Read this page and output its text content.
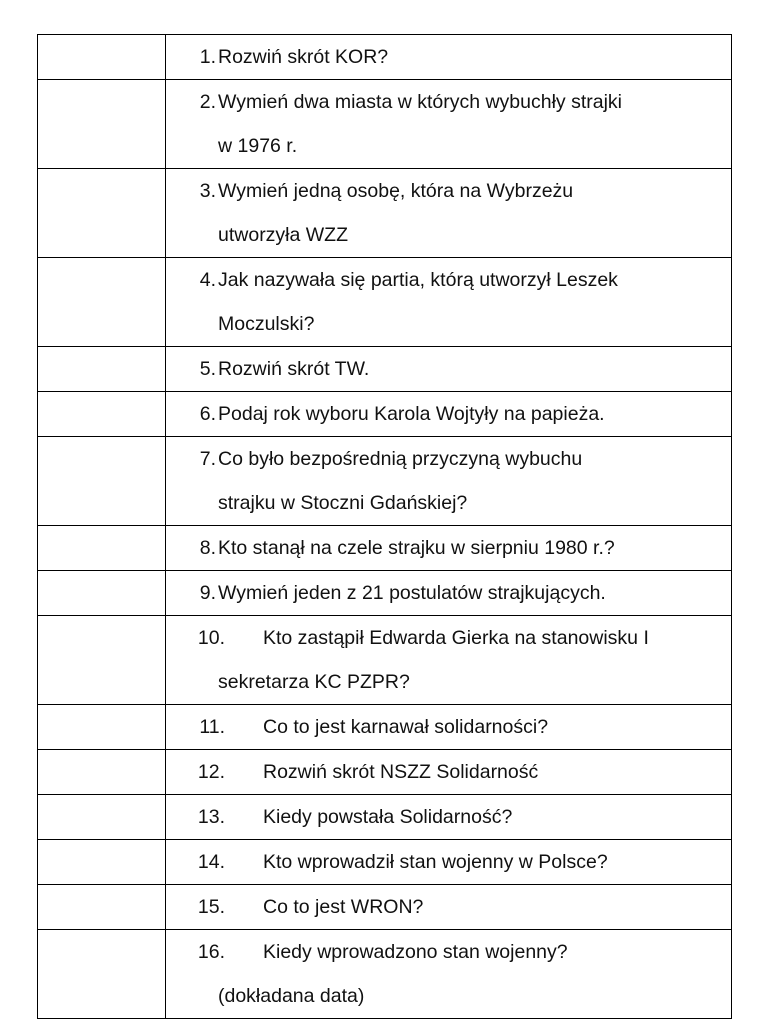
	1. Rozwiń skrót KOR?

	2. Wymień dwa miasta w których wybuchły strajki
w 1976 r.

	3. Wymień jedną osobę, która na Wybrzeżu
utworzyła WZZ

	4. Jak nazywała się partia, którą utworzył Leszek
Moczulski?

	5. Rozwiń skrót TW.

	6. Podaj rok wyboru Karola Wojtyły na papieża.

	7. Co było bezpośrednią przyczyną wybuchu
strajku w Stoczni Gdańskiej?

	8. Kto stanął na czele strajku w sierpniu 1980 r.?

	9. Wymień jeden z 21 postulatów strajkujących.

	10. Kto zastąpił Edwarda Gierka na stanowisku I
sekretarza KC PZPR?

	11. Co to jest karnawał solidarności?

	12. Rozwiń skrót NSZZ Solidarność

	13. Kiedy powstała Solidarność?

	14. Kto wprowadził stan wojenny w Polsce?

	15. Co to jest WRON?

	16. Kiedy wprowadzono stan wojenny?
(dokładana data)
